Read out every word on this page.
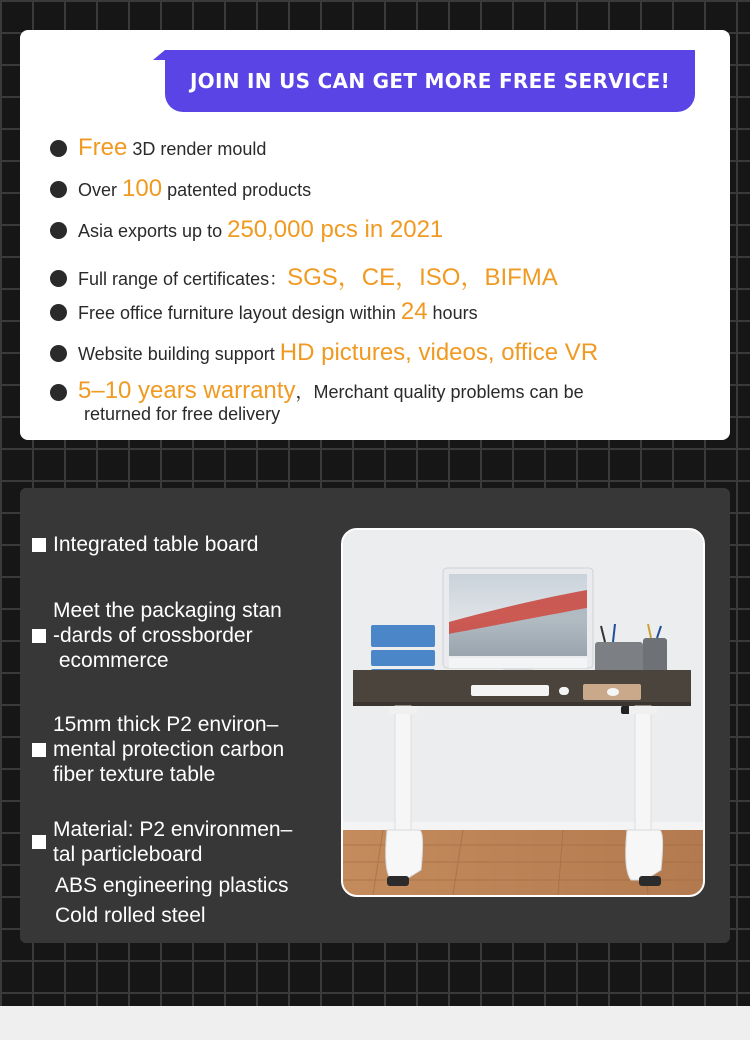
JOIN IN US CAN GET MORE FREE SERVICE!
Free 3D render mould
Over 100 patented products
Asia exports up to 250,000 pcs in 2021
Full range of certificates：SGS，CE，ISO，BIFMA
Free office furniture layout design within 24 hours
Website building support HD pictures, videos, office VR
5–10 years warranty，Merchant quality problems can be
returned for free delivery
Integrated table board
Meet the packaging stan
-dards of crossborder
ecommerce
15mm thick P2 environ–
mental protection carbon
fiber texture table
Material: P2 environmen–
tal particleboard
ABS engineering plastics
Cold rolled steel
